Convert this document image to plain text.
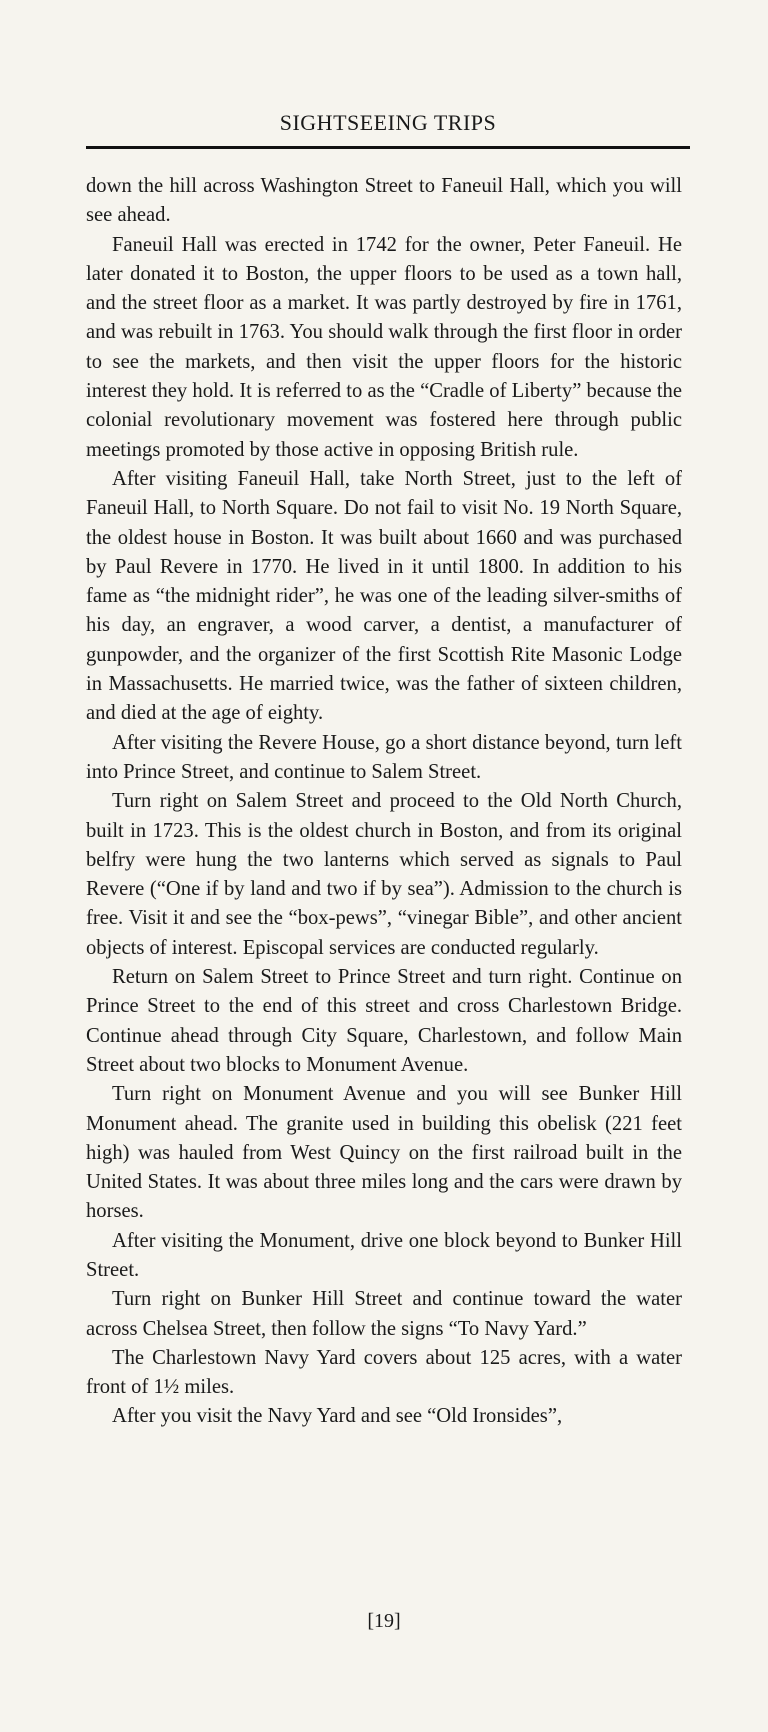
SIGHTSEEING TRIPS

down the hill across Washington Street to Faneuil Hall, which you will see ahead.

Faneuil Hall was erected in 1742 for the owner, Peter Faneuil. He later donated it to Boston, the upper floors to be used as a town hall, and the street floor as a market. It was partly destroyed by fire in 1761, and was rebuilt in 1763. You should walk through the first floor in order to see the markets, and then visit the upper floors for the historic interest they hold. It is referred to as the “Cradle of Liberty” because the colonial revolutionary movement was fostered here through public meetings promoted by those active in opposing British rule.

After visiting Faneuil Hall, take North Street, just to the left of Faneuil Hall, to North Square. Do not fail to visit No. 19 North Square, the oldest house in Boston. It was built about 1660 and was purchased by Paul Revere in 1770. He lived in it until 1800. In addition to his fame as “the midnight rider”, he was one of the leading silver-smiths of his day, an engraver, a wood carver, a dentist, a manufacturer of gunpowder, and the organizer of the first Scottish Rite Masonic Lodge in Massachusetts. He married twice, was the father of sixteen children, and died at the age of eighty.

After visiting the Revere House, go a short distance beyond, turn left into Prince Street, and continue to Salem Street.

Turn right on Salem Street and proceed to the Old North Church, built in 1723. This is the oldest church in Boston, and from its original belfry were hung the two lanterns which served as signals to Paul Revere (“One if by land and two if by sea”). Admission to the church is free. Visit it and see the “box-pews”, “vinegar Bible”, and other ancient objects of interest. Episcopal services are conducted regularly.

Return on Salem Street to Prince Street and turn right. Continue on Prince Street to the end of this street and cross Charlestown Bridge. Continue ahead through City Square, Charlestown, and follow Main Street about two blocks to Monument Avenue.

Turn right on Monument Avenue and you will see Bunker Hill Monument ahead. The granite used in building this obelisk (221 feet high) was hauled from West Quincy on the first railroad built in the United States. It was about three miles long and the cars were drawn by horses.

After visiting the Monument, drive one block beyond to Bunker Hill Street.

Turn right on Bunker Hill Street and continue toward the water across Chelsea Street, then follow the signs “To Navy Yard.”

The Charlestown Navy Yard covers about 125 acres, with a water front of 1½ miles.

After you visit the Navy Yard and see “Old Ironsides”,

[19]
